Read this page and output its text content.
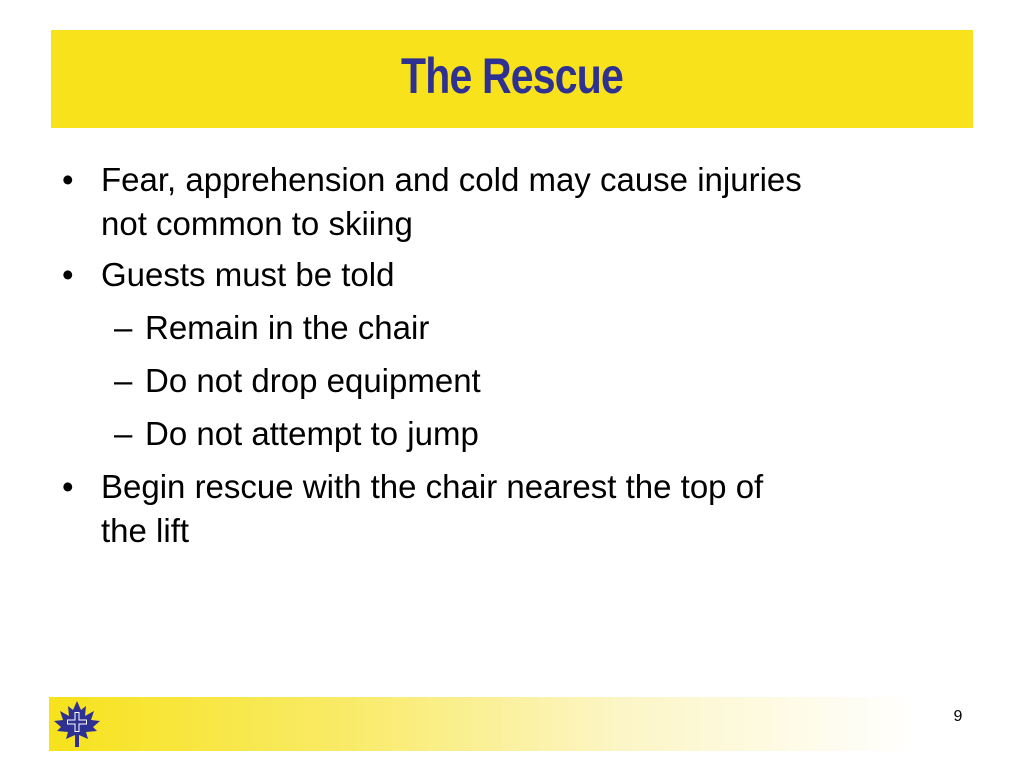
The Rescue
• Fear, apprehension and cold may cause injuries
not common to skiing
• Guests must be told
– Remain in the chair
– Do not drop equipment
– Do not attempt to jump
• Begin rescue with the chair nearest the top of
the lift
9
